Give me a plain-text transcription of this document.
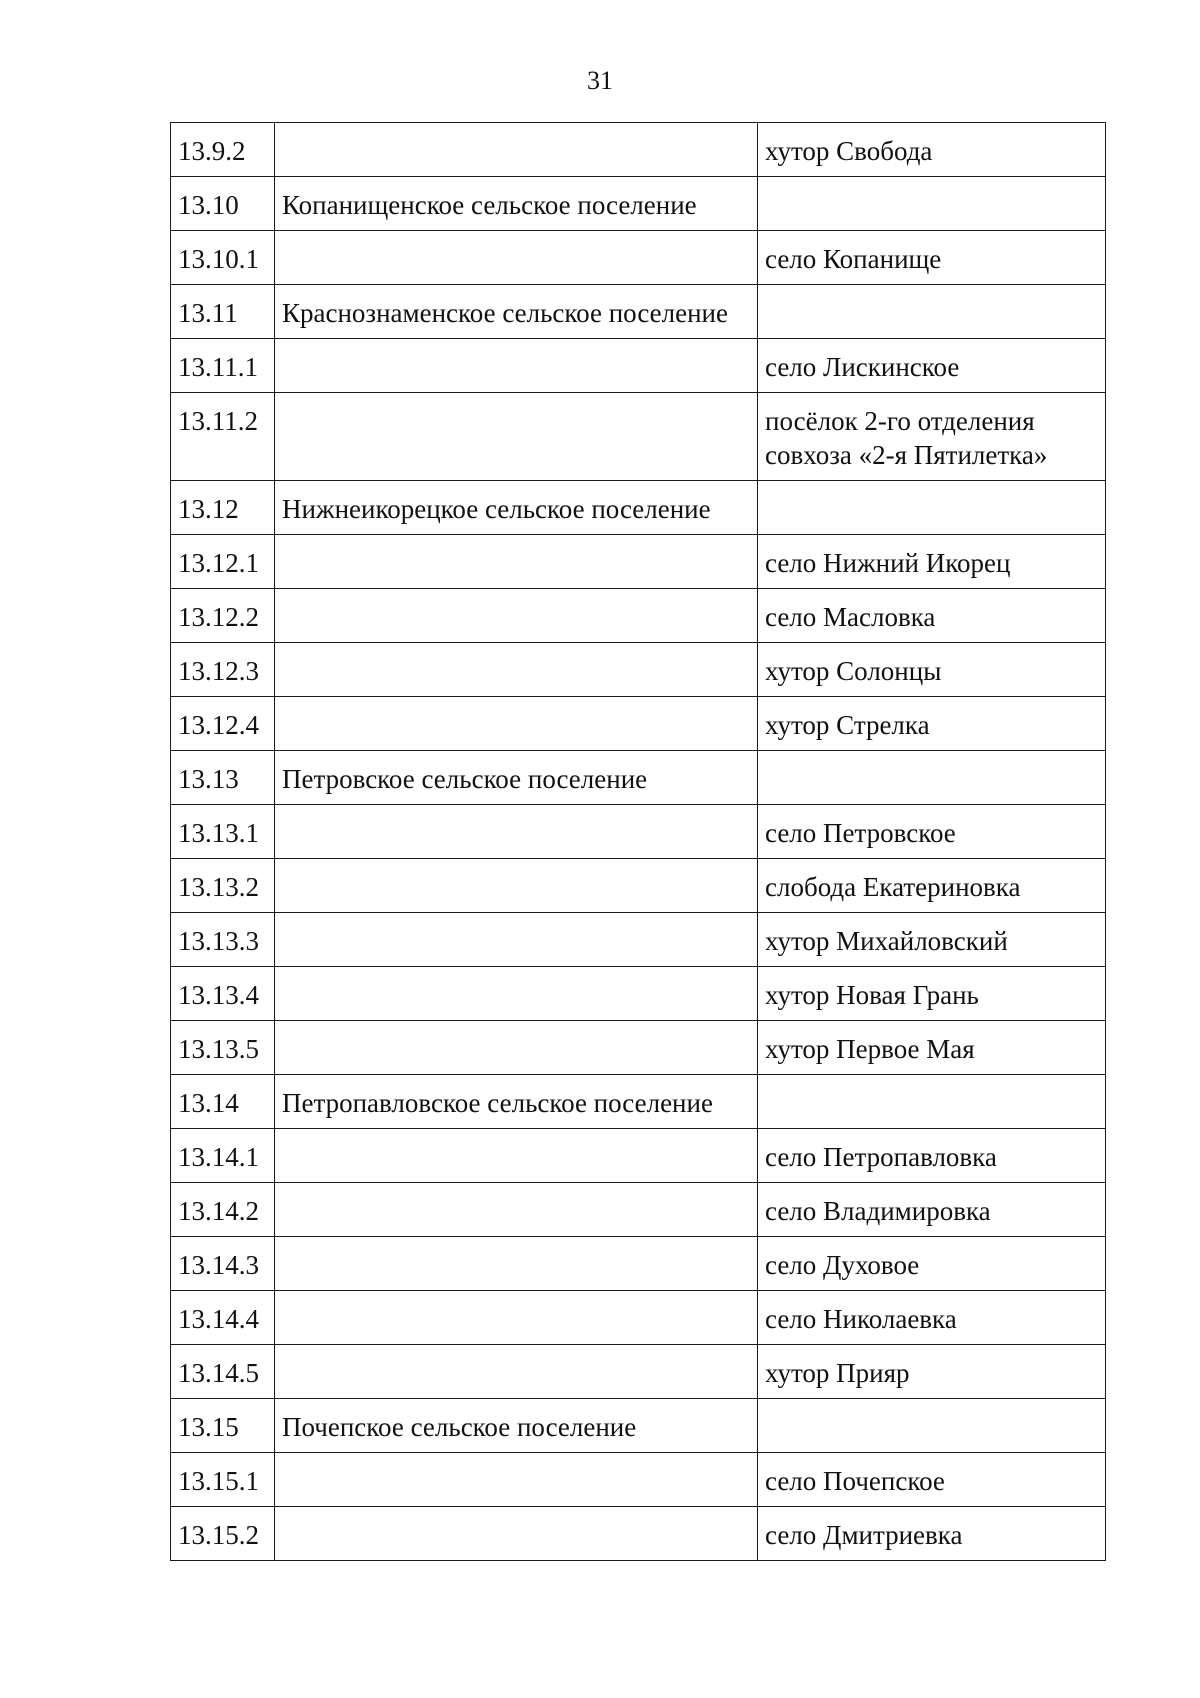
31
13.9.2		хутор Свобода
13.10	Копанищенское сельское поселение	
13.10.1		село Копанище
13.11	Краснознаменское сельское поселение	
13.11.1		село Лискинское
13.11.2		посёлок 2-го отделения совхоза «2-я Пятилетка»
13.12	Нижнеикорецкое сельское поселение	
13.12.1		село Нижний Икорец
13.12.2		село Масловка
13.12.3		хутор Солонцы
13.12.4		хутор Стрелка
13.13	Петровское сельское поселение	
13.13.1		село Петровское
13.13.2		слобода Екатериновка
13.13.3		хутор Михайловский
13.13.4		хутор Новая Грань
13.13.5		хутор Первое Мая
13.14	Петропавловское сельское поселение	
13.14.1		село Петропавловка
13.14.2		село Владимировка
13.14.3		село Духовое
13.14.4		село Николаевка
13.14.5		хутор Прияр
13.15	Почепское сельское поселение	
13.15.1		село Почепское
13.15.2		село Дмитриевка
